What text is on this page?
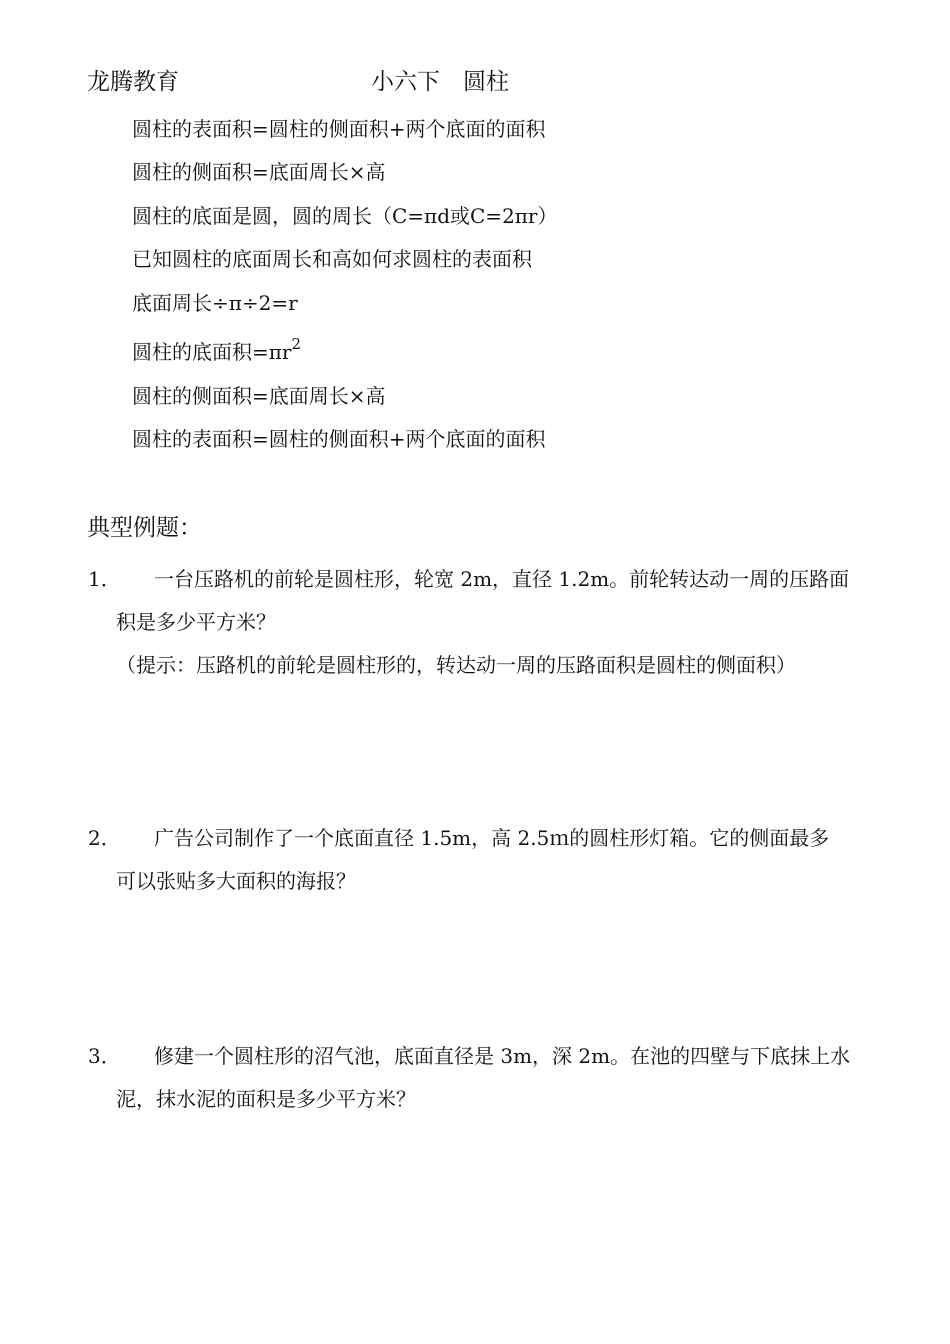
龙腾教育	小六下　圆柱
圆柱的表面积=圆柱的侧面积+两个底面的面积
圆柱的侧面积=底面周长×高
圆柱的底面是圆，圆的周长（C=πd或C=2πr）
已知圆柱的底面周长和高如何求圆柱的表面积
底面周长÷π÷2=r
圆柱的底面积$=\pi r^2$
圆柱的侧面积=底面周长×高
圆柱的表面积=圆柱的侧面积+两个底面的面积
典型例题：
1． 一台压路机的前轮是圆柱形，轮宽 2m，直径 1.2m。前轮转达动一周的压路面
积是多少平方米？
（提示：压路机的前轮是圆柱形的，转达动一周的压路面积是圆柱的侧面积）
2． 广告公司制作了一个底面直径 1.5m，高 2.5ｍ的圆柱形灯箱。它的侧面最多
可以张贴多大面积的海报？
3． 修建一个圆柱形的沼气池，底面直径是 3m，深 2m。在池的四壁与下底抹上水
泥，抹水泥的面积是多少平方米？
